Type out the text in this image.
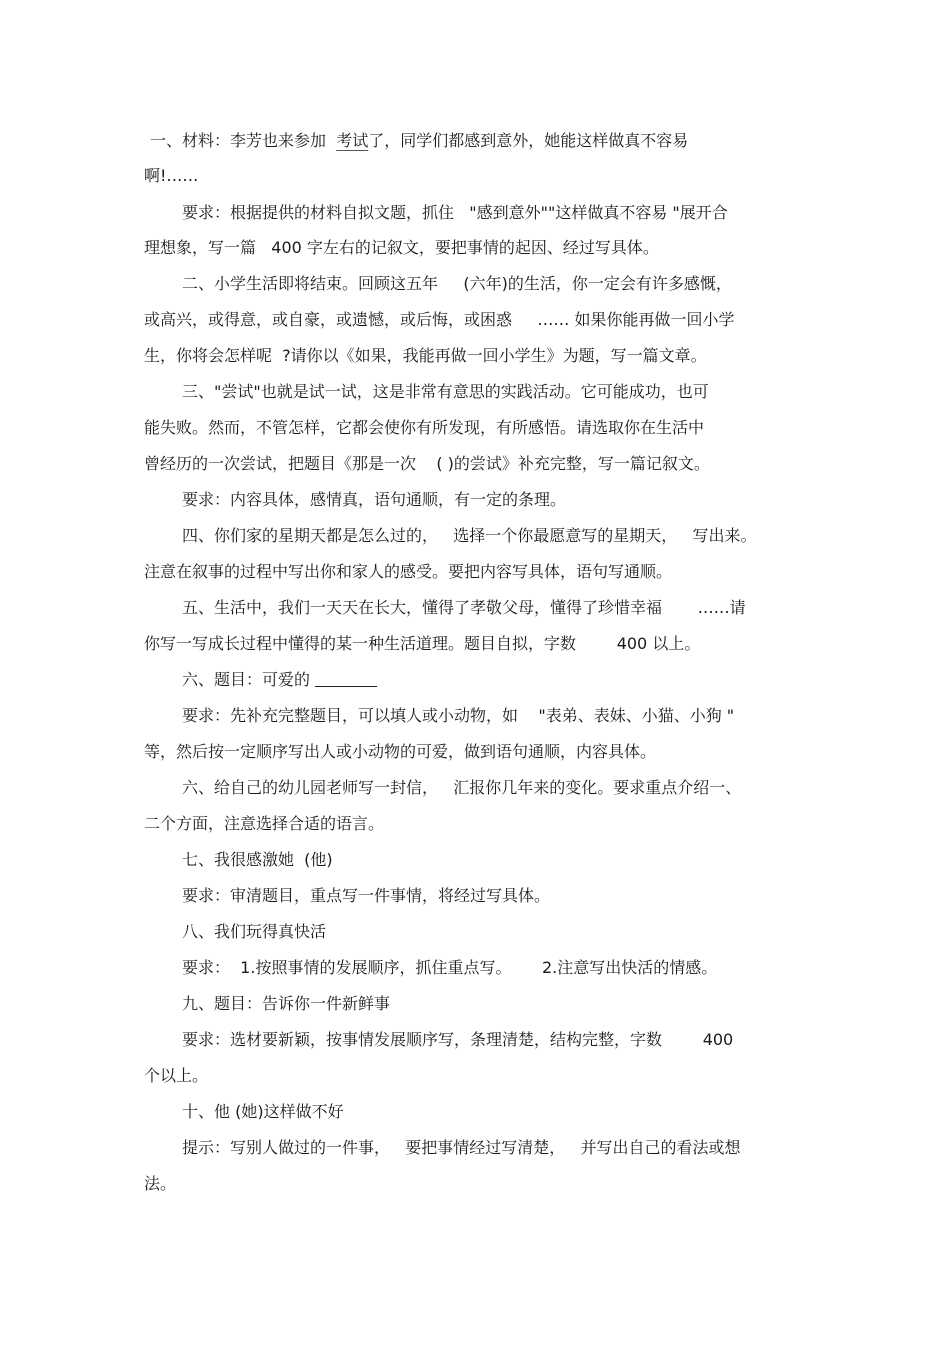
一、材料：李芳也来参加  考试了，同学们都感到意外，她能这样做真不容易

啊!……

要求：根据提供的材料自拟文题，抓住   "感到意外""这样做真不容易 "展开合

理想象，写一篇   400 字左右的记叙文，要把事情的起因、经过写具体。

二、小学生活即将结束。回顾这五年     (六年)的生活，你一定会有许多感慨，

或高兴，或得意，或自豪，或遗憾，或后悔，或困惑     …… 如果你能再做一回小学

生，你将会怎样呢  ?请你以《如果，我能再做一回小学生》为题，写一篇文章。

三、"尝试"也就是试一试，这是非常有意思的实践活动。它可能成功，也可

能失败。然而，不管怎样，它都会使你有所发现，有所感悟。请选取你在生活中

曾经历的一次尝试，把题目《那是一次    ( )的尝试》补充完整，写一篇记叙文。

要求：内容具体，感情真，语句通顺，有一定的条理。

四、你们家的星期天都是怎么过的，   选择一个你最愿意写的星期天，   写出来。

注意在叙事的过程中写出你和家人的感受。要把内容写具体，语句写通顺。

五、生活中，我们一天天在长大，懂得了孝敬父母，懂得了珍惜幸福       ……请

你写一写成长过程中懂得的某一种生活道理。题目自拟，字数        400 以上。

六、题目：可爱的

要求：先补充完整题目，可以填人或小动物，如    "表弟、表妹、小猫、小狗 "

等，然后按一定顺序写出人或小动物的可爱，做到语句通顺，内容具体。

六、给自己的幼儿园老师写一封信，   汇报你几年来的变化。要求重点介绍一、

二个方面，注意选择合适的语言。

七、我很感激她  (他)

要求：审清题目，重点写一件事情，将经过写具体。

八、我们玩得真快活

要求：  1.按照事情的发展顺序，抓住重点写。      2.注意写出快活的情感。

九、题目：告诉你一件新鲜事

要求：选材要新颖，按事情发展顺序写，条理清楚，结构完整，字数        400

个以上。

十、他 (她)这样做不好

提示：写别人做过的一件事，   要把事情经过写清楚，   并写出自己的看法或想

法。
